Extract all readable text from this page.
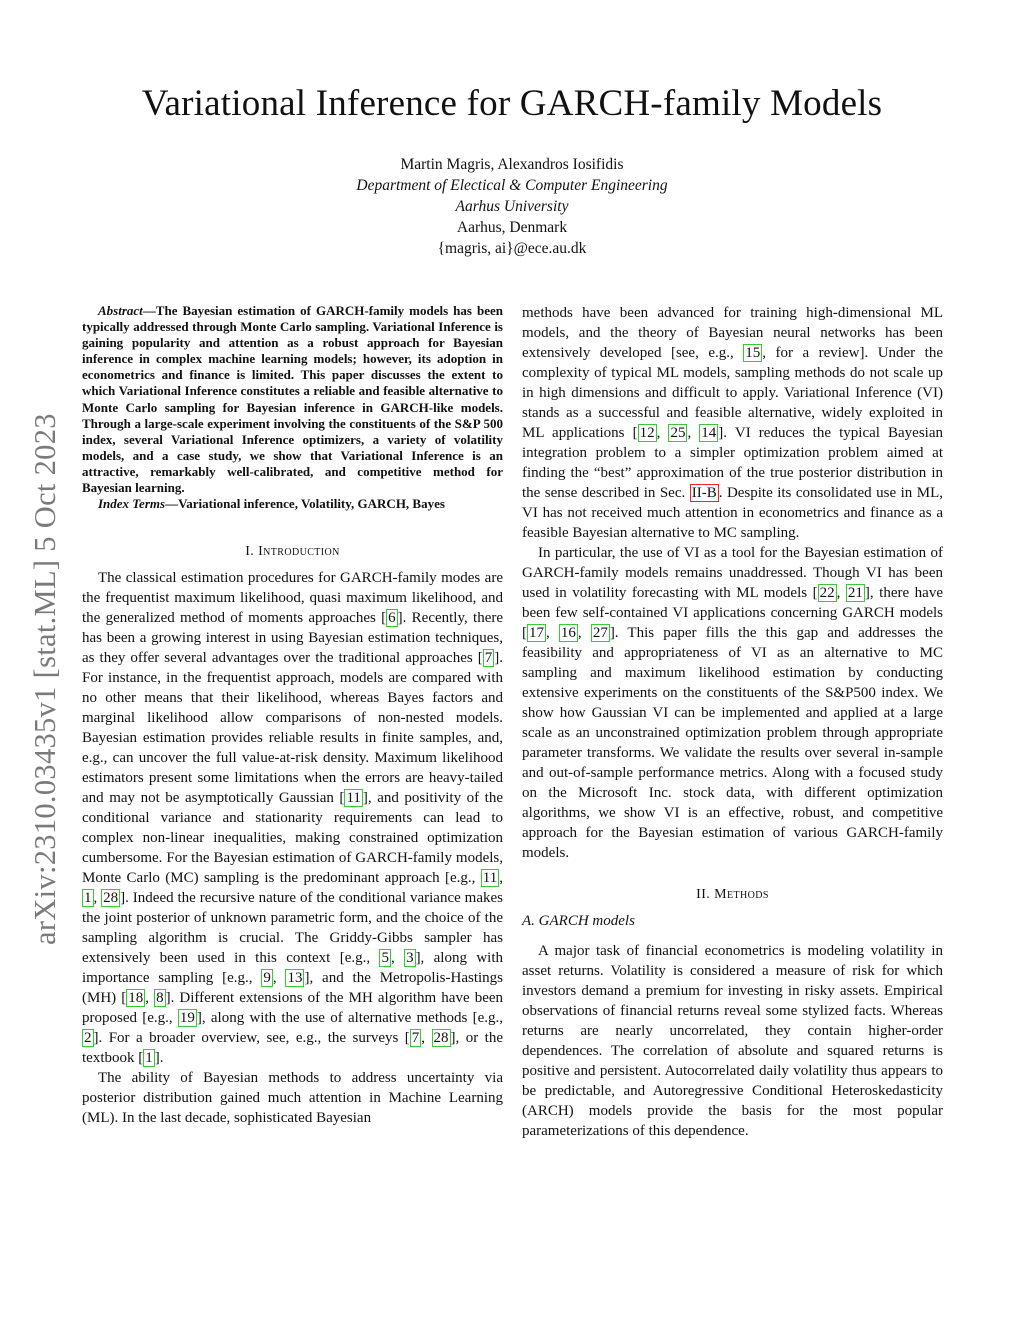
arXiv:2310.03435v1 [stat.ML] 5 Oct 2023
Variational Inference for GARCH-family Models
Martin Magris, Alexandros Iosifidis
Department of Electical & Computer Engineering
Aarhus University
Aarhus, Denmark
{magris, ai}@ece.au.dk

Abstract—The Bayesian estimation of GARCH-family models has been typically addressed through Monte Carlo sampling. Variational Inference is gaining popularity and attention as a robust approach for Bayesian inference in complex machine learning models; however, its adoption in econometrics and finance is limited. This paper discusses the extent to which Variational Inference constitutes a reliable and feasible alternative to Monte Carlo sampling for Bayesian inference in GARCH-like models. Through a large-scale experiment involving the constituents of the S&P 500 index, several Variational Inference optimizers, a variety of volatility models, and a case study, we show that Variational Inference is an attractive, remarkably well-calibrated, and competitive method for Bayesian learning.

Index Terms—Variational inference, Volatility, GARCH, Bayes

I. Introduction

The classical estimation procedures for GARCH-family modes are the frequentist maximum likelihood, quasi maximum likelihood, and the generalized method of moments approaches [ 6 ]. Recently, there has been a growing interest in using Bayesian estimation techniques, as they offer several advantages over the traditional approaches [ 7 ]. For instance, in the frequentist approach, models are compared with no other means that their likelihood, whereas Bayes factors and marginal likelihood allow comparisons of non-nested models. Bayesian estimation provides reliable results in finite samples, and, e.g., can uncover the full value-at-risk density. Maximum likelihood estimators present some limitations when the errors are heavy-tailed and may not be asymptotically Gaussian [ 11 ], and positivity of the conditional variance and stationarity requirements can lead to complex non-linear inequalities, making constrained optimization cumbersome. For the Bayesian estimation of GARCH-family models, Monte Carlo (MC) sampling is the predominant approach [e.g., 11 , 1 , 28 ]. Indeed the recursive nature of the conditional variance makes the joint posterior of unknown parametric form, and the choice of the sampling algorithm is crucial. The Griddy-Gibbs sampler has extensively been used in this context [e.g., 5 , 3 ], along with importance sampling [e.g., 9 , 13 ], and the Metropolis-Hastings (MH) [ 18 , 8 ]. Different extensions of the MH algorithm have been proposed [e.g., 19 ], along with the use of alternative methods [e.g., 2 ]. For a broader overview, see, e.g., the surveys [ 7 , 28 ], or the textbook [ 1 ].

The ability of Bayesian methods to address uncertainty via posterior distribution gained much attention in Machine Learning (ML). In the last decade, sophisticated Bayesian

methods have been advanced for training high-dimensional ML models, and the theory of Bayesian neural networks has been extensively developed [see, e.g., 15 , for a review]. Under the complexity of typical ML models, sampling methods do not scale up in high dimensions and difficult to apply. Variational Inference (VI) stands as a successful and feasible alternative, widely exploited in ML applications [ 12 , 25 , 14 ]. VI reduces the typical Bayesian integration problem to a simpler optimization problem aimed at finding the “best” approximation of the true posterior distribution in the sense described in Sec. II-B . Despite its consolidated use in ML, VI has not received much attention in econometrics and finance as a feasible Bayesian alternative to MC sampling.

In particular, the use of VI as a tool for the Bayesian estimation of GARCH-family models remains unaddressed. Though VI has been used in volatility forecasting with ML models [ 22 , 21 ], there have been few self-contained VI applications concerning GARCH models [ 17 , 16 , 27 ]. This paper fills the this gap and addresses the feasibility and appropriateness of VI as an alternative to MC sampling and maximum likelihood estimation by conducting extensive experiments on the constituents of the S&P500 index. We show how Gaussian VI can be implemented and applied at a large scale as an unconstrained optimization problem through appropriate parameter transforms. We validate the results over several in-sample and out-of-sample performance metrics. Along with a focused study on the Microsoft Inc. stock data, with different optimization algorithms, we show VI is an effective, robust, and competitive approach for the Bayesian estimation of various GARCH-family models.

II. Methods

A. GARCH models

A major task of financial econometrics is modeling volatility in asset returns. Volatility is considered a measure of risk for which investors demand a premium for investing in risky assets. Empirical observations of financial returns reveal some stylized facts. Whereas returns are nearly uncorrelated, they contain higher-order dependences. The correlation of absolute and squared returns is positive and persistent. Autocorrelated daily volatility thus appears to be predictable, and Autoregressive Conditional Heteroskedasticity (ARCH) models provide the basis for the most popular parameterizations of this dependence.
